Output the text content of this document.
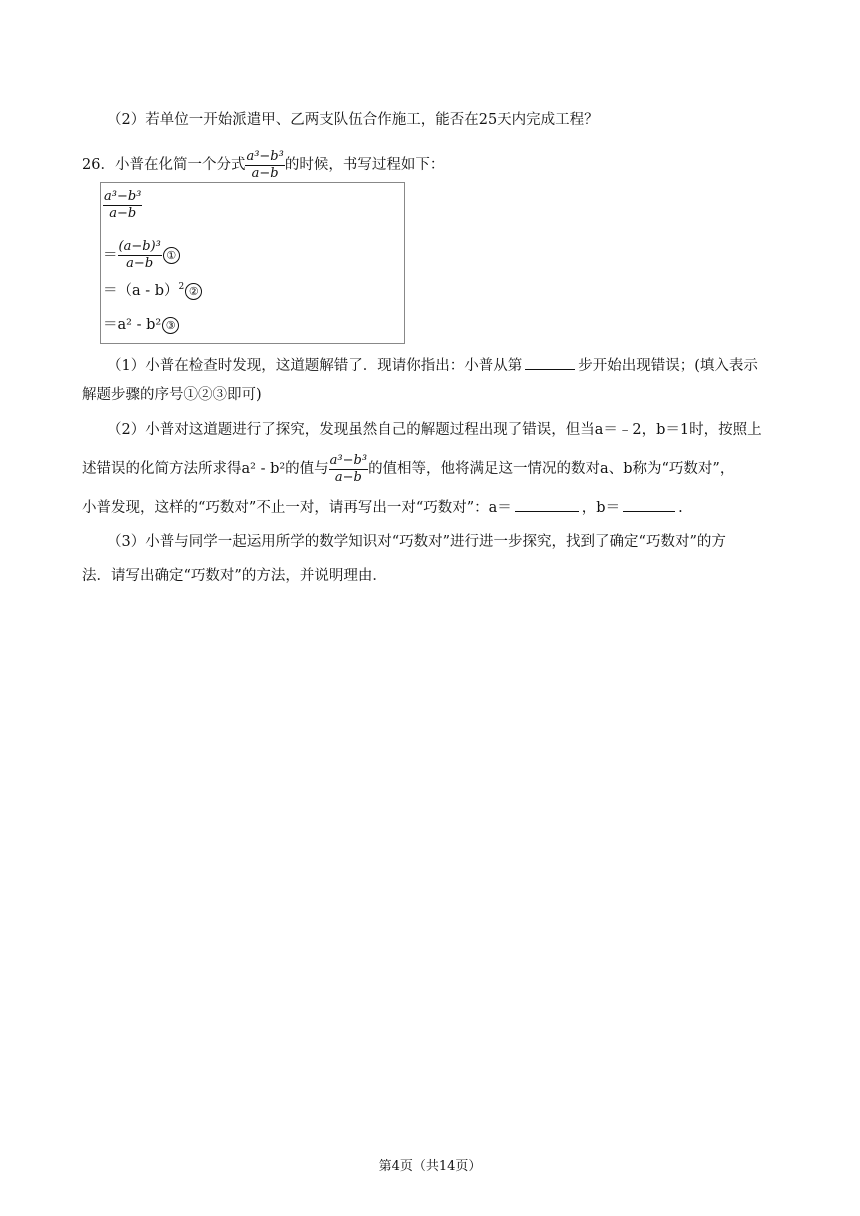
（2）若单位一开始派遣甲、乙两支队伍合作施工，能否在25天内完成工程？
26．小普在化简一个分式 $\frac{\text{a³−b³}}{a-b}$ 的时候，书写过程如下：
$\frac{\text{a³−b³}}{a-b}$
＝ $\frac{\text{(a−b)³}}{a-b}$ ①
＝（a - b）$^2$ ②
＝a² - b² ③
（1）小普在检查时发现，这道题解错了．现请你指出：小普从第	步开始出现错误；(填入表示
解题步骤的序号①②③即可)
（2）小普对这道题进行了探究，发现虽然自己的解题过程出现了错误，但当a＝﹣2，b＝1时，按照上
述错误的化简方法所求得a² - b²的值与 $\frac{\text{a³−b³}}{a-b}$ 的值相等，他将满足这一情况的数对a、b称为“巧数对”，
小普发现，这样的“巧数对”不止一对，请再写出一对“巧数对”：a＝	，b＝	.
（3）小普与同学一起运用所学的数学知识对“巧数对”进行进一步探究，找到了确定“巧数对”的方
法．请写出确定“巧数对”的方法，并说明理由．
第4页（共14页）
